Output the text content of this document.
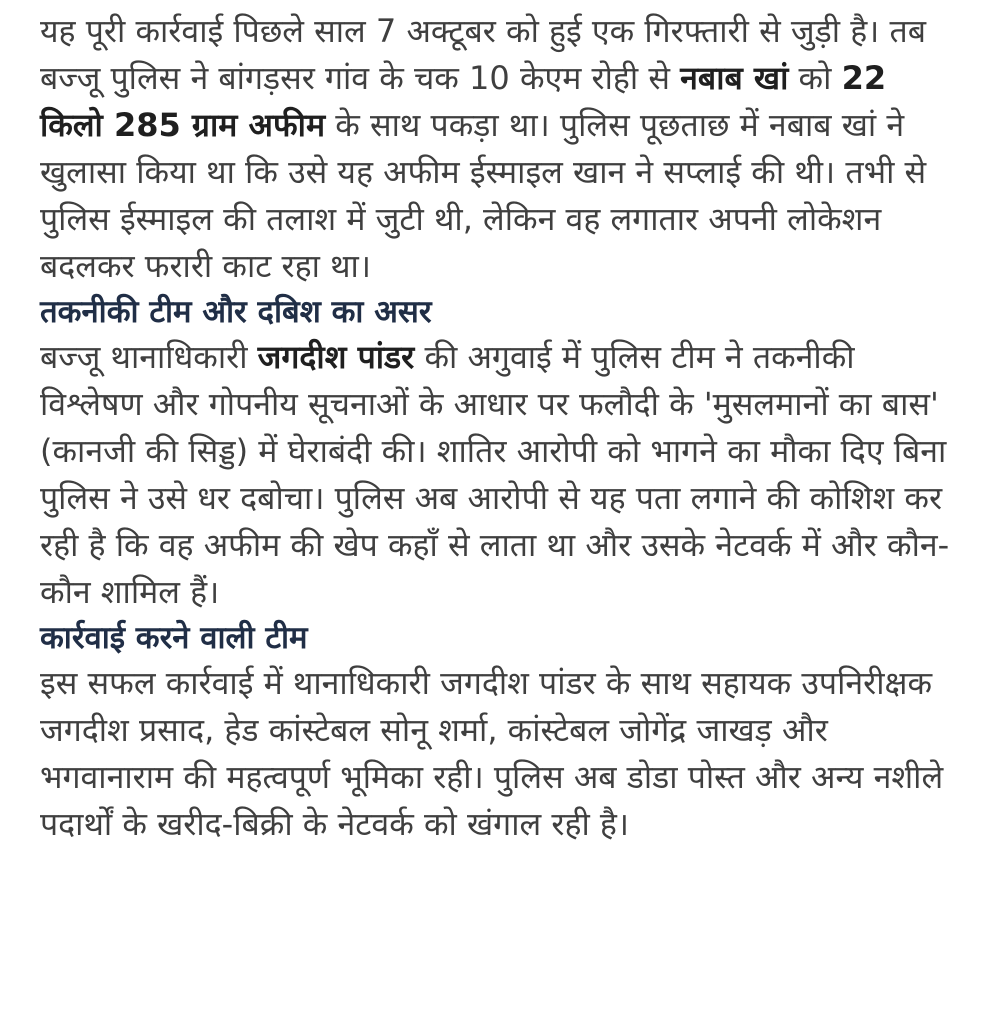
यह पूरी कार्रवाई पिछले साल 7 अक्टूबर को हुई एक गिरफ्तारी से जुड़ी है। तब बज्जू पुलिस ने बांगड़सर गांव के चक 10 केएम रोही से नबाब खां को 22 किलो 285 ग्राम अफीम के साथ पकड़ा था। पुलिस पूछताछ में नबाब खां ने खुलासा किया था कि उसे यह अफीम ईस्माइल खान ने सप्लाई की थी। तभी से पुलिस ईस्माइल की तलाश में जुटी थी, लेकिन वह लगातार अपनी लोकेशन बदलकर फरारी काट रहा था।

तकनीकी टीम और दबिश का असर

बज्जू थानाधिकारी जगदीश पांडर की अगुवाई में पुलिस टीम ने तकनीकी विश्लेषण और गोपनीय सूचनाओं के आधार पर फलौदी के 'मुसलमानों का बास' (कानजी की सिड्ड) में घेराबंदी की। शातिर आरोपी को भागने का मौका दिए बिना पुलिस ने उसे धर दबोचा। पुलिस अब आरोपी से यह पता लगाने की कोशिश कर रही है कि वह अफीम की खेप कहाँ से लाता था और उसके नेटवर्क में और कौन-कौन शामिल हैं।

कार्रवाई करने वाली टीम

इस सफल कार्रवाई में थानाधिकारी जगदीश पांडर के साथ सहायक उपनिरीक्षक जगदीश प्रसाद, हेड कांस्टेबल सोनू शर्मा, कांस्टेबल जोगेंद्र जाखड़ और भगवानाराम की महत्वपूर्ण भूमिका रही। पुलिस अब डोडा पोस्त और अन्य नशीले पदार्थों के खरीद-बिक्री के नेटवर्क को खंगाल रही है।
